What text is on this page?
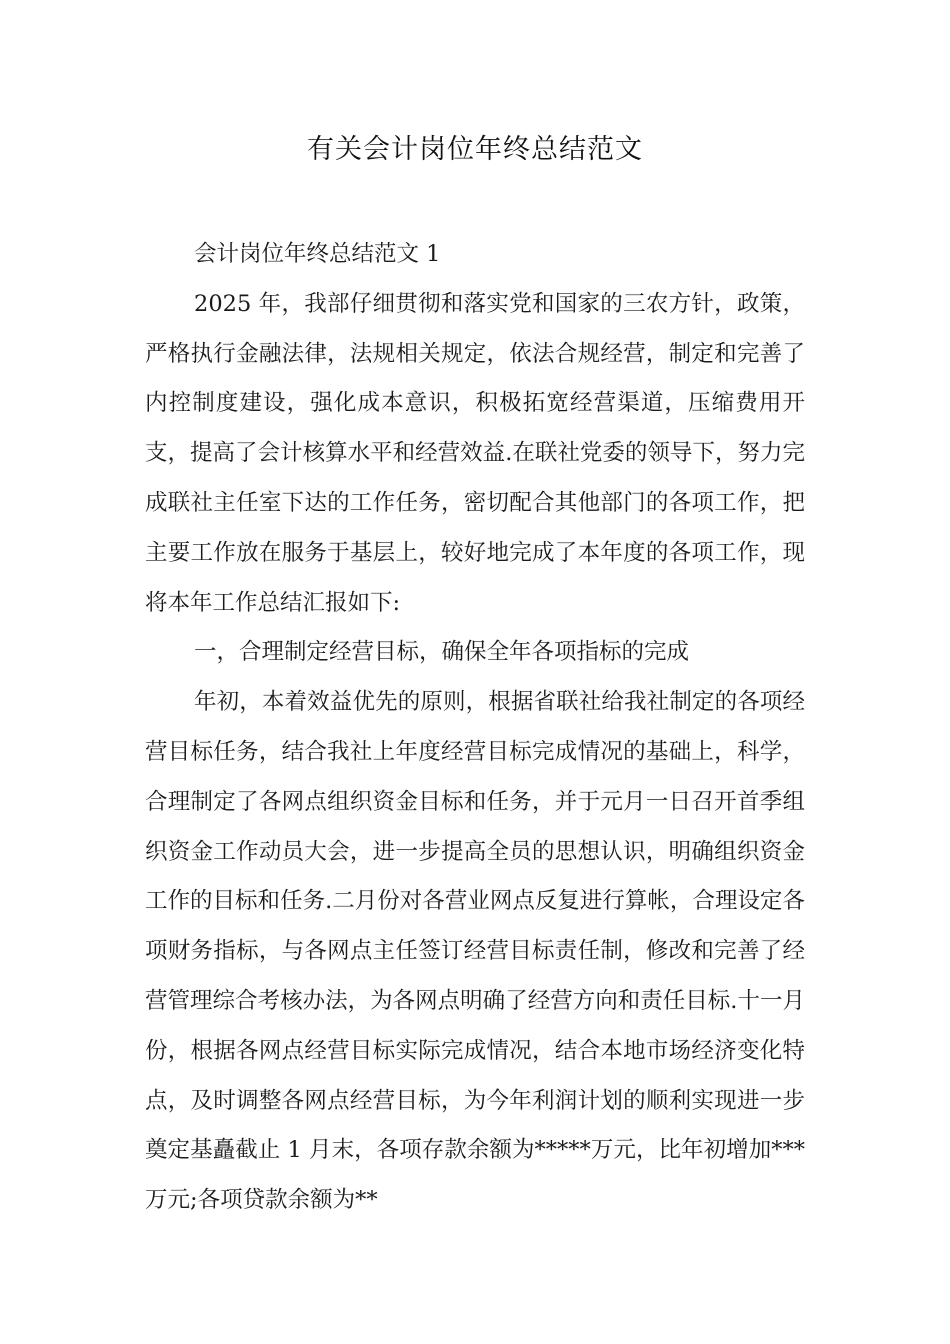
有关会计岗位年终总结范文

会计岗位年终总结范文 1

2025 年，我部仔细贯彻和落实党和国家的三农方针，政策，严格执行金融法律，法规相关规定，依法合规经营，制定和完善了内控制度建设，强化成本意识，积极拓宽经营渠道，压缩费用开支，提高了会计核算水平和经营效益.在联社党委的领导下，努力完成联社主任室下达的工作任务，密切配合其他部门的各项工作，把主要工作放在服务于基层上，较好地完成了本年度的各项工作，现将本年工作总结汇报如下:

一，合理制定经营目标，确保全年各项指标的完成

年初，本着效益优先的原则，根据省联社给我社制定的各项经营目标任务，结合我社上年度经营目标完成情况的基础上，科学，合理制定了各网点组织资金目标和任务，并于元月一日召开首季组织资金工作动员大会，进一步提高全员的思想认识，明确组织资金工作的目标和任务.二月份对各营业网点反复进行算帐，合理设定各项财务指标，与各网点主任签订经营目标责任制，修改和完善了经营管理综合考核办法，为各网点明确了经营方向和责任目标.十一月份，根据各网点经营目标实际完成情况，结合本地市场经济变化特点，及时调整各网点经营目标，为今年利润计划的顺利实现进一步奠定基矗截止 1 月末，各项存款余额为*****万元，比年初增加***万元;各项贷款余额为**
